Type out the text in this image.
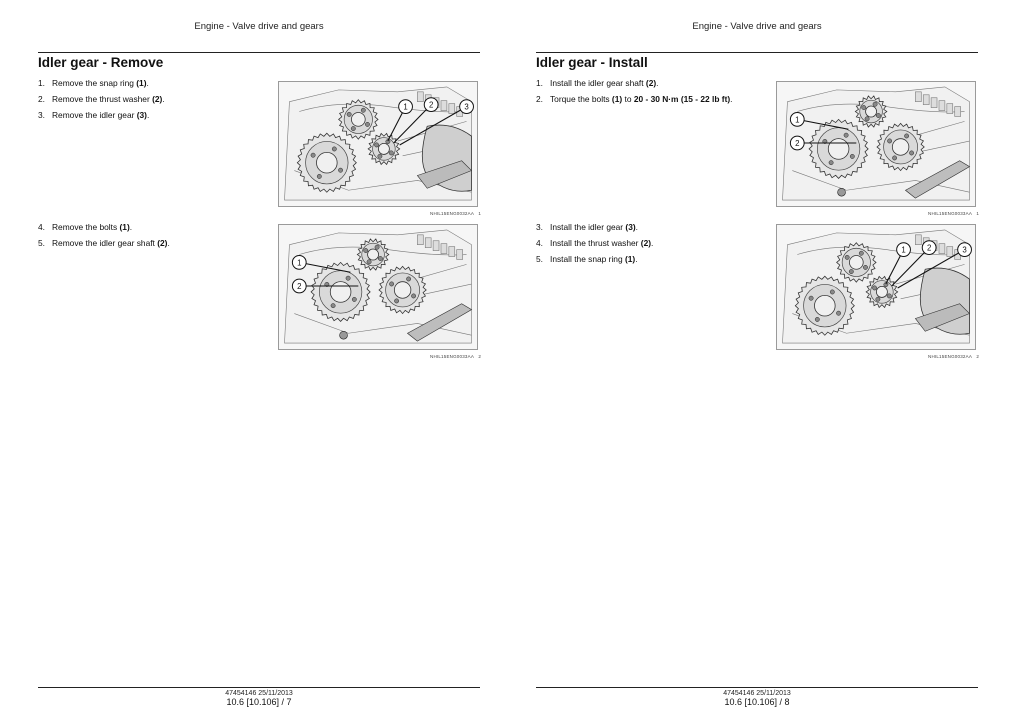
Engine - Valve drive and gears
Idler gear - Remove
1. Remove the snap ring (1).
2. Remove the thrust washer (2).
3. Remove the idler gear (3).
1	2	3
NHIL15ENG0032AA 1
4. Remove the bolts (1).
5. Remove the idler gear shaft (2).
1
2
NHIL15ENG0033AA 2
47454146 25/11/2013
10.6 [10.106] / 7
Engine - Valve drive and gears
Idler gear - Install
1. Install the idler gear shaft (2).
2. Torque the bolts (1) to 20 - 30 N·m (15 - 22 lb ft).
1
2
NHIL15ENG0033AA 1
3. Install the idler gear (3).
4. Install the thrust washer (2).
5. Install the snap ring (1).
1	2	3
NHIL15ENG0032AA 2
47454146 25/11/2013
10.6 [10.106] / 8
